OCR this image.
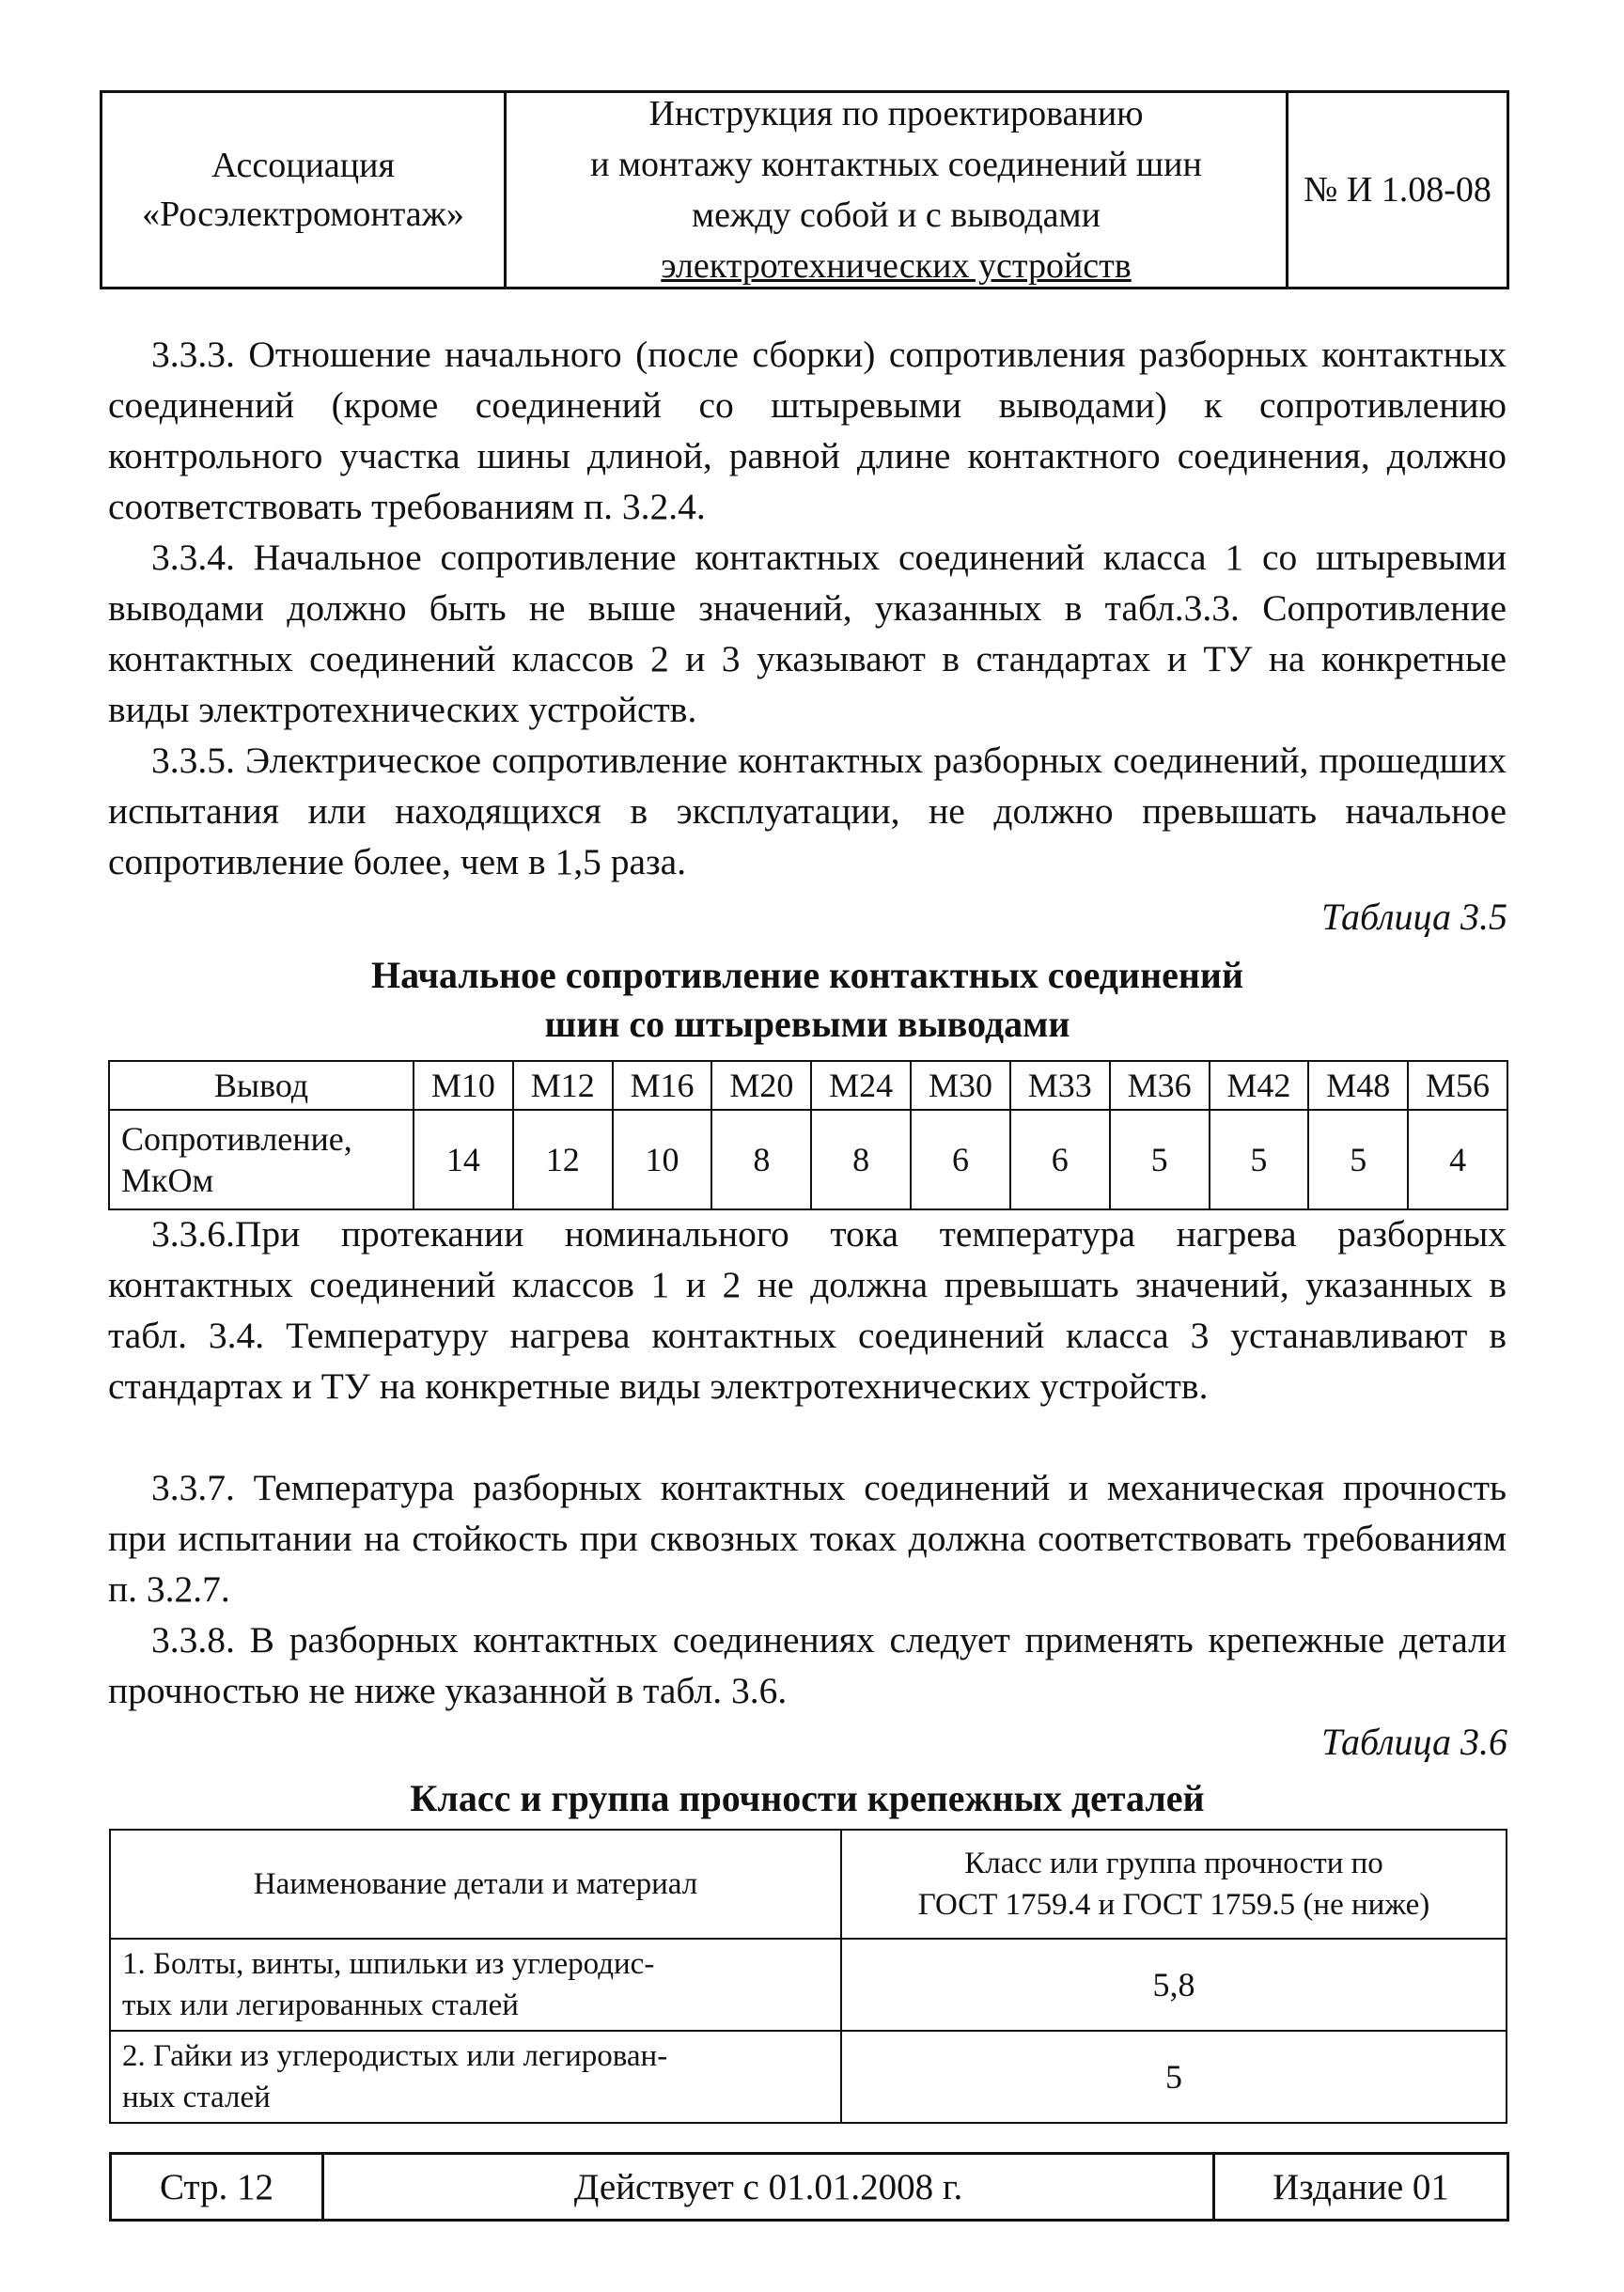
Ассоциация
«Росэлектромонтаж»
Инструкция по проектированию
и монтажу контактных соединений шин
между собой и с выводами
электротехнических устройств
№ И 1.08-08
3.3.3. Отношение начального (после сборки) сопротивления разборных контактных соединений (кроме соединений со штыревыми выводами) к сопротивлению контрольного участка шины длиной, равной длине контактного соединения, должно соответствовать требованиям п. 3.2.4.
3.3.4. Начальное сопротивление контактных соединений класса 1 со штыревыми выводами должно быть не выше значений, указанных в табл.3.3. Сопротивление контактных соединений классов 2 и 3 указывают в стандартах и ТУ на конкретные виды электротехнических устройств.
3.3.5. Электрическое сопротивление контактных разборных соединений, прошедших испытания или находящихся в эксплуатации, не должно превышать начальное сопротивление более, чем в 1,5 раза.
Таблица 3.5
Начальное сопротивление контактных соединений
шин со штыревыми выводами
Вывод	М10	М12	М16	М20	М24	М30	М33	М36	М42	М48	М56

Сопротивление,
МкОм	14	12	10	8	8	6	6	5	5	5	4
3.3.6.При протекании номинального тока температура нагрева разборных контактных соединений классов 1 и 2 не должна превышать значений, указанных в табл. 3.4. Температуру нагрева контактных соединений класса 3 устанавливают в стандартах и ТУ на конкретные виды электротехнических устройств.
3.3.7. Температура разборных контактных соединений и механическая прочность при испытании на стойкость при сквозных токах должна соответствовать требованиям п. 3.2.7.
3.3.8. В разборных контактных соединениях следует применять крепежные детали прочностью не ниже указанной в табл. 3.6.
Таблица 3.6
Класс и группа прочности крепежных деталей
Наименование детали и материал	Класс или группа прочности по
ГОСТ 1759.4 и ГОСТ 1759.5 (не ниже)

1. Болты, винты, шпильки из углеродис-
тых или легированных сталей	5,8

2. Гайки из углеродистых или легирован-
ных сталей	5
Стр. 12	Действует с 01.01.2008 г.	Издание 01
